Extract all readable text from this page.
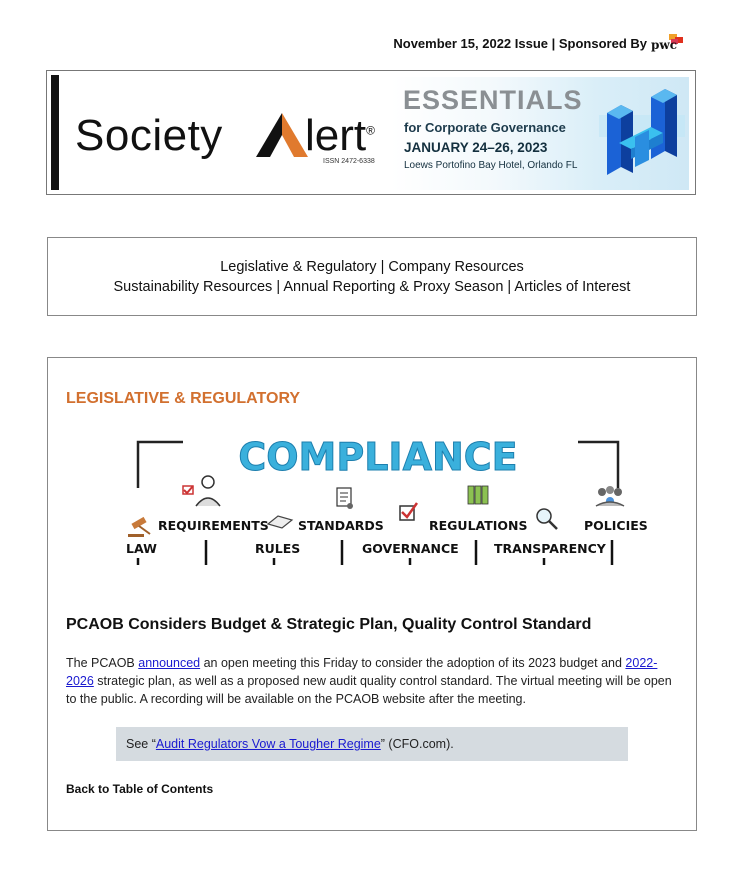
November 15, 2022 Issue | Sponsored By pwc
Society lert®
ISSN 2472-6338
ESSENTIALS
for Corporate Governance
JANUARY 24–26, 2023
Loews Portofino Bay Hotel, Orlando FL
Legislative & Regulatory | Company Resources
Sustainability Resources | Annual Reporting & Proxy Season | Articles of Interest
LEGISLATIVE & REGULATORY
COMPLIANCE
REQUIREMENTS STANDARDS	REGULATIONS	POLICIES
LAW	RULES	GOVERNANCE	TRANSPARENCY
PCAOB Considers Budget & Strategic Plan, Quality Control Standard
The PCAOB announced an open meeting this Friday to consider the adoption of its 2023 budget and 2022-2026 strategic plan, as well as a proposed new audit quality control standard. The virtual meeting will be open to the public. A recording will be available on the PCAOB website after the meeting.
See “Audit Regulators Vow a Tougher Regime” (CFO.com).
Back to Table of Contents
